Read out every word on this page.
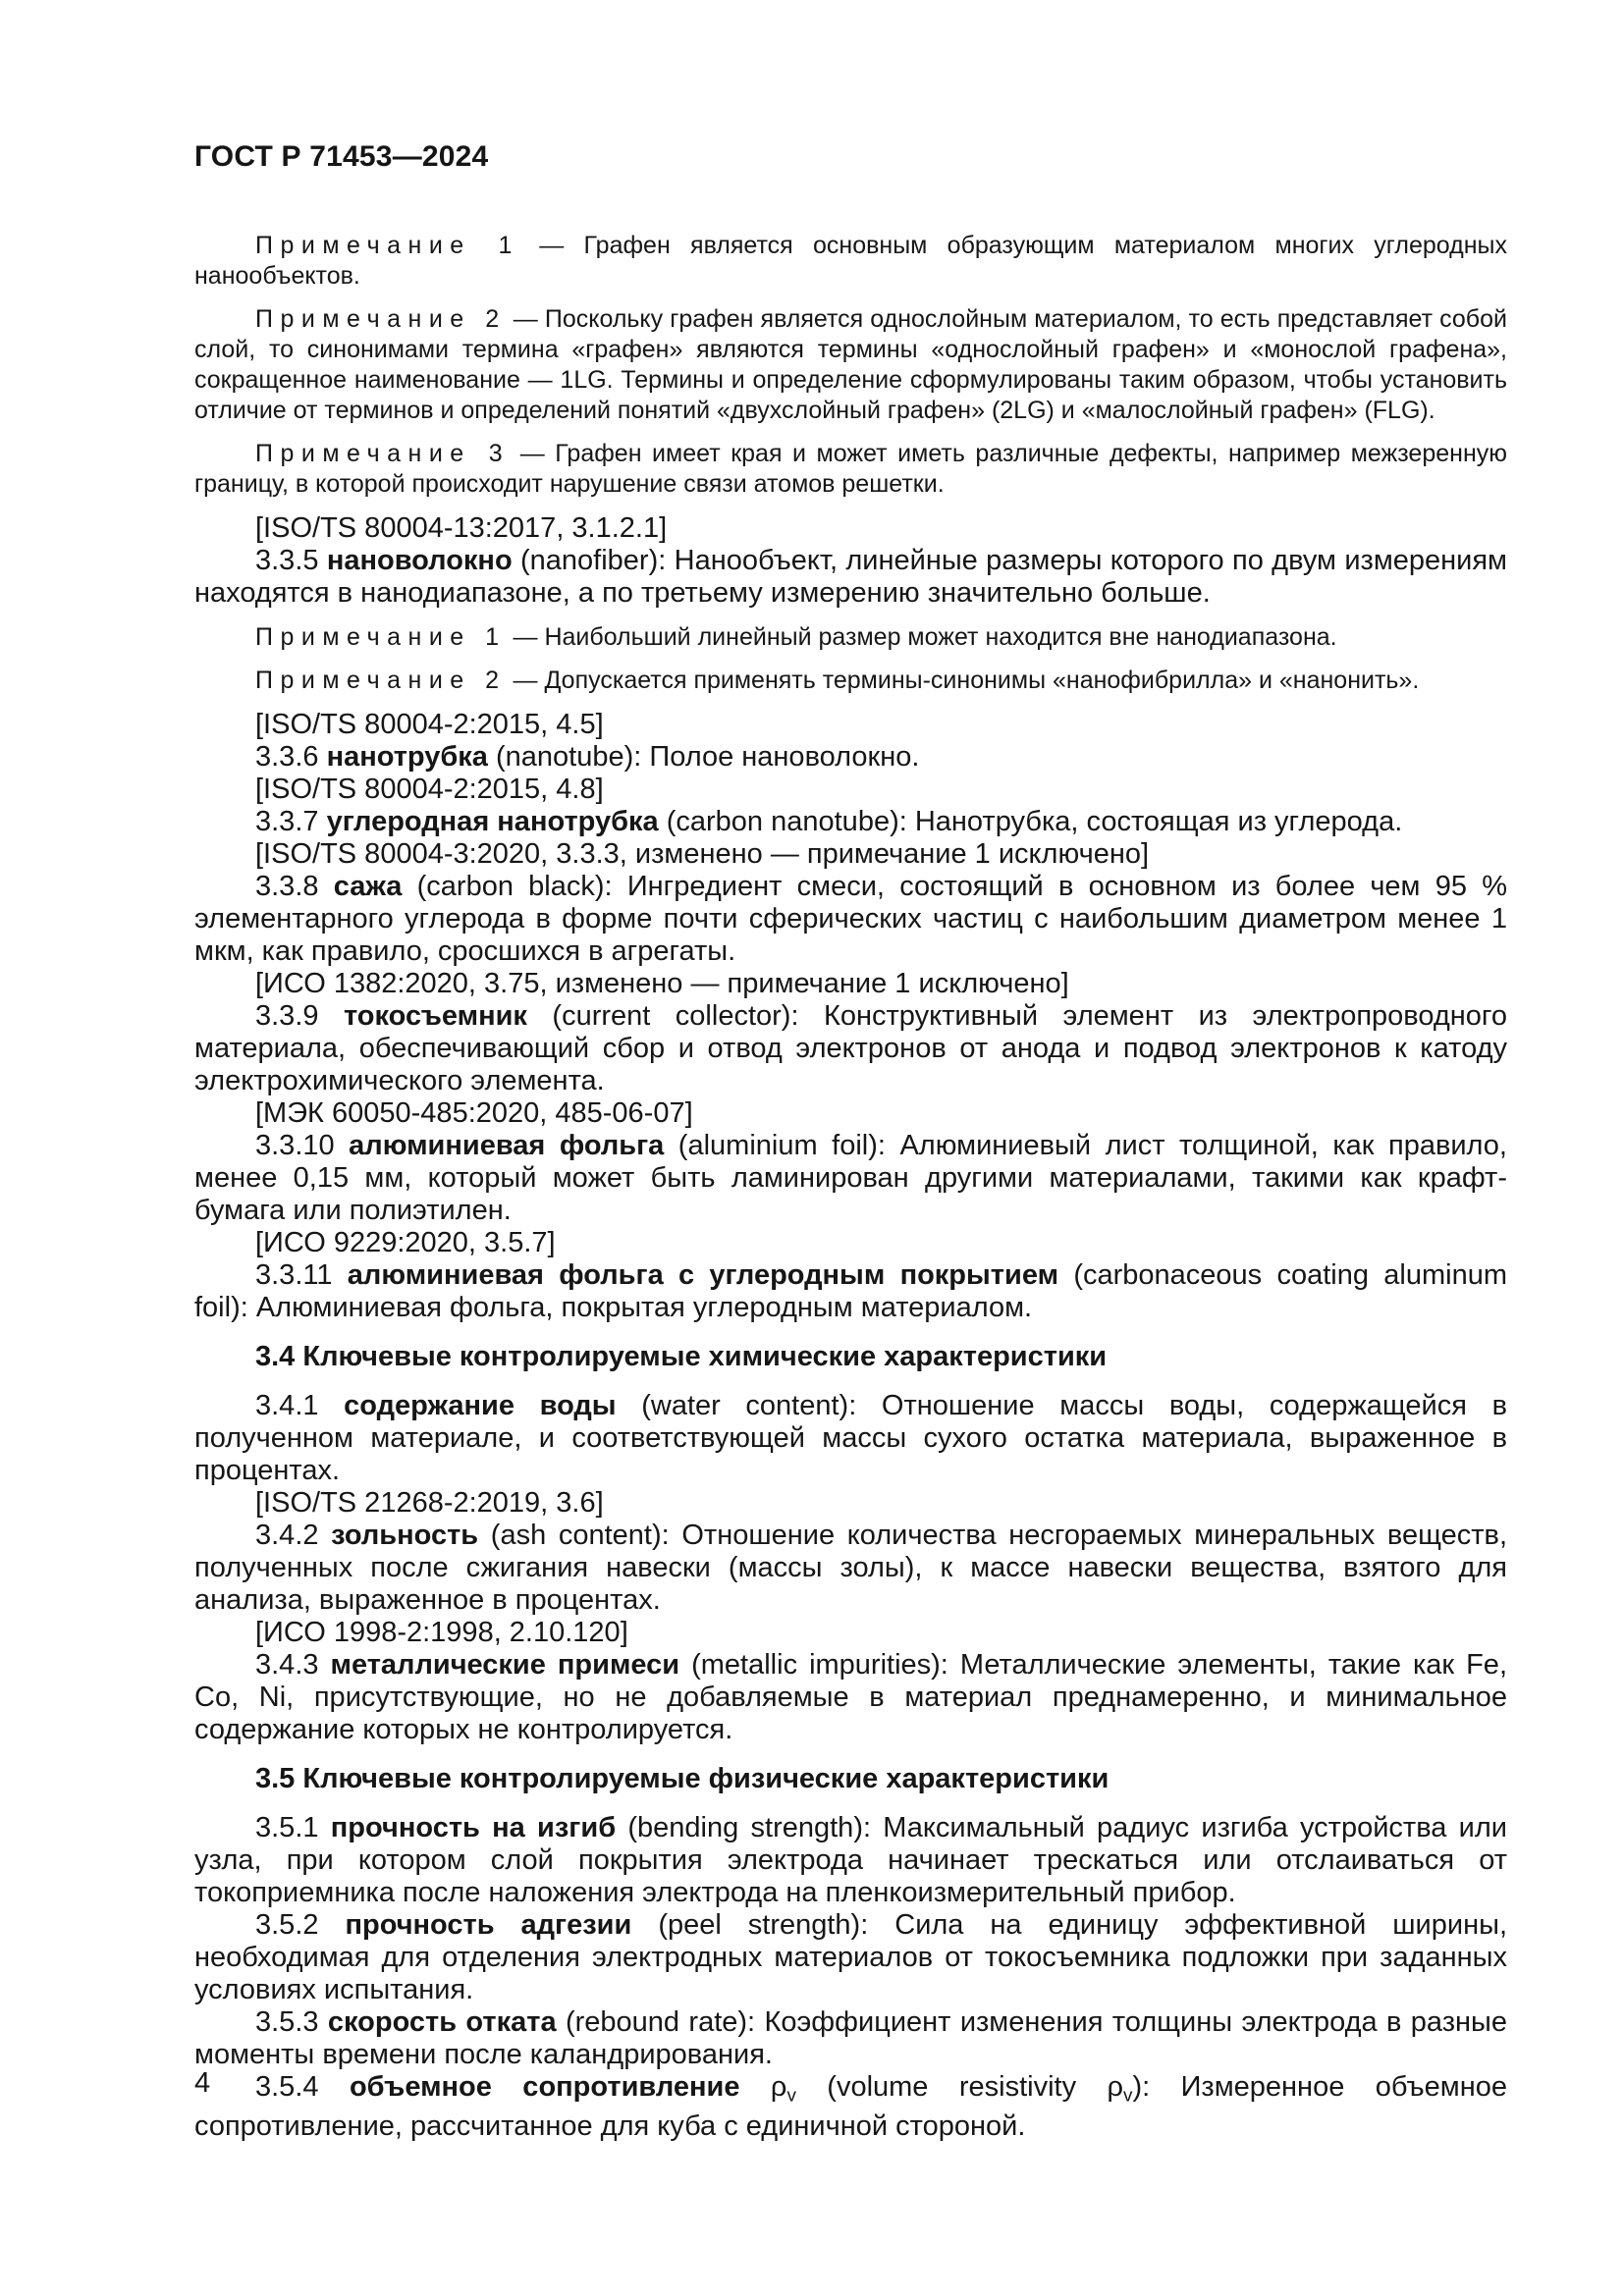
ГОСТ Р 71453—2024

Примечание 1 — Графен является основным образующим материалом многих углеродных нанообъектов.

Примечание 2 — Поскольку графен является однослойным материалом, то есть представляет собой слой, то синонимами термина «графен» являются термины «однослойный графен» и «монослой графена», сокращенное наименование — 1LG. Термины и определение сформулированы таким образом, чтобы установить отличие от терминов и определений понятий «двухслойный графен» (2LG) и «малослойный графен» (FLG).

Примечание 3 — Графен имеет края и может иметь различные дефекты, например межзеренную границу, в которой происходит нарушение связи атомов решетки.

[ISO/TS 80004-13:2017, 3.1.2.1]

3.3.5 нановолокно (nanofiber): Нанообъект, линейные размеры которого по двум измерениям находятся в нанодиапазоне, а по третьему измерению значительно больше.

Примечание 1 — Наибольший линейный размер может находится вне нанодиапазона.

Примечание 2 — Допускается применять термины-синонимы «нанофибрилла» и «нанонить».

[ISO/TS 80004-2:2015, 4.5]

3.3.6 нанотрубка (nanotube): Полое нановолокно.

[ISO/TS 80004-2:2015, 4.8]

3.3.7 углеродная нанотрубка (carbon nanotube): Нанотрубка, состоящая из углерода.

[ISO/TS 80004-3:2020, 3.3.3, изменено — примечание 1 исключено]

3.3.8 сажа (carbon black): Ингредиент смеси, состоящий в основном из более чем 95 % элементарного углерода в форме почти сферических частиц с наибольшим диаметром менее 1 мкм, как правило, сросшихся в агрегаты.

[ИСО 1382:2020, 3.75, изменено — примечание 1 исключено]

3.3.9 токосъемник (current collector): Конструктивный элемент из электропроводного материала, обеспечивающий сбор и отвод электронов от анода и подвод электронов к катоду электрохимического элемента.

[МЭК 60050-485:2020, 485-06-07]

3.3.10 алюминиевая фольга (aluminium foil): Алюминиевый лист толщиной, как правило, менее 0,15 мм, который может быть ламинирован другими материалами, такими как крафт-бумага или полиэтилен.

[ИСО 9229:2020, 3.5.7]

3.3.11 алюминиевая фольга с углеродным покрытием (carbonaceous coating aluminum foil): Алюминиевая фольга, покрытая углеродным материалом.

3.4 Ключевые контролируемые химические характеристики

3.4.1 содержание воды (water content): Отношение массы воды, содержащейся в полученном материале, и соответствующей массы сухого остатка материала, выраженное в процентах.

[ISO/TS 21268-2:2019, 3.6]

3.4.2 зольность (ash content): Отношение количества несгораемых минеральных веществ, полученных после сжигания навески (массы золы), к массе навески вещества, взятого для анализа, выраженное в процентах.

[ИСО 1998-2:1998, 2.10.120]

3.4.3 металлические примеси (metallic impurities): Металлические элементы, такие как Fe, Co, Ni, присутствующие, но не добавляемые в материал преднамеренно, и минимальное содержание которых не контролируется.

3.5 Ключевые контролируемые физические характеристики

3.5.1 прочность на изгиб (bending strength): Максимальный радиус изгиба устройства или узла, при котором слой покрытия электрода начинает трескаться или отслаиваться от токоприемника после наложения электрода на пленкоизмерительный прибор.

3.5.2 прочность адгезии (peel strength): Сила на единицу эффективной ширины, необходимая для отделения электродных материалов от токосъемника подложки при заданных условиях испытания.

3.5.3 скорость отката (rebound rate): Коэффициент изменения толщины электрода в разные моменты времени после каландрирования.

3.5.4 объемное сопротивление $\rho_v$ (volume resistivity $\rho_v$): Измеренное объемное сопротивление, рассчитанное для куба с единичной стороной.

4
